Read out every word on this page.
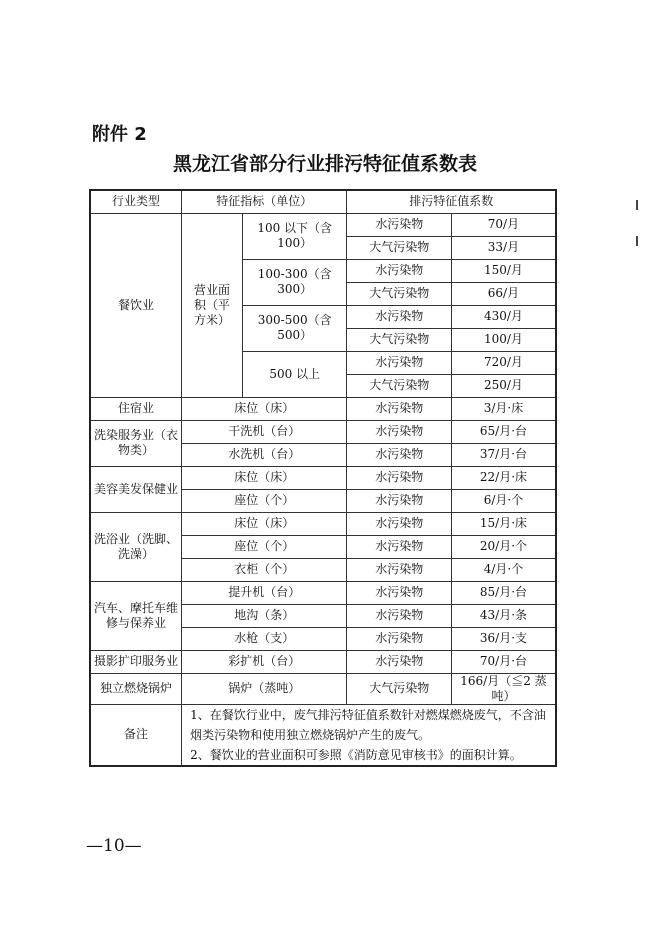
附件 2
黑龙江省部分行业排污特征值系数表
行业类型	特征指标（单位）		排污特征值系数	
餐饮业	营业面积（平方米）	100 以下（含 100）	水污染物	70/月
			大气污染物	33/月
		100-300（含 300）	水污染物	150/月
			大气污染物	66/月
		300-500（含 500）	水污染物	430/月
			大气污染物	100/月
		500 以上	水污染物	720/月
			大气污染物	250/月
住宿业	床位（床）		水污染物	3/月·床
洗染服务业（衣物类）	干洗机（台）		水污染物	65/月·台
	水洗机（台）		水污染物	37/月·台
美容美发保健业	床位（床）		水污染物	22/月·床
	座位（个）		水污染物	6/月·个
洗浴业（洗脚、洗澡）	床位（床）		水污染物	15/月·床
	座位（个）		水污染物	20/月·个
	衣柜（个）		水污染物	4/月·个
汽车、摩托车维修与保养业	提升机（台）		水污染物	85/月·台
	地沟（条）		水污染物	43/月·条
	水枪（支）		水污染物	36/月·支
摄影扩印服务业	彩扩机（台）		水污染物	70/月·台
独立燃烧锅炉	锅炉（蒸吨）		大气污染物	166/月（≦2 蒸吨）
备注	1、在餐饮行业中，废气排污特征值系数针对燃煤燃烧废气，不含油烟类污染物和使用独立燃烧锅炉产生的废气。
2、餐饮业的营业面积可参照《消防意见审核书》的面积计算。			
—10—
